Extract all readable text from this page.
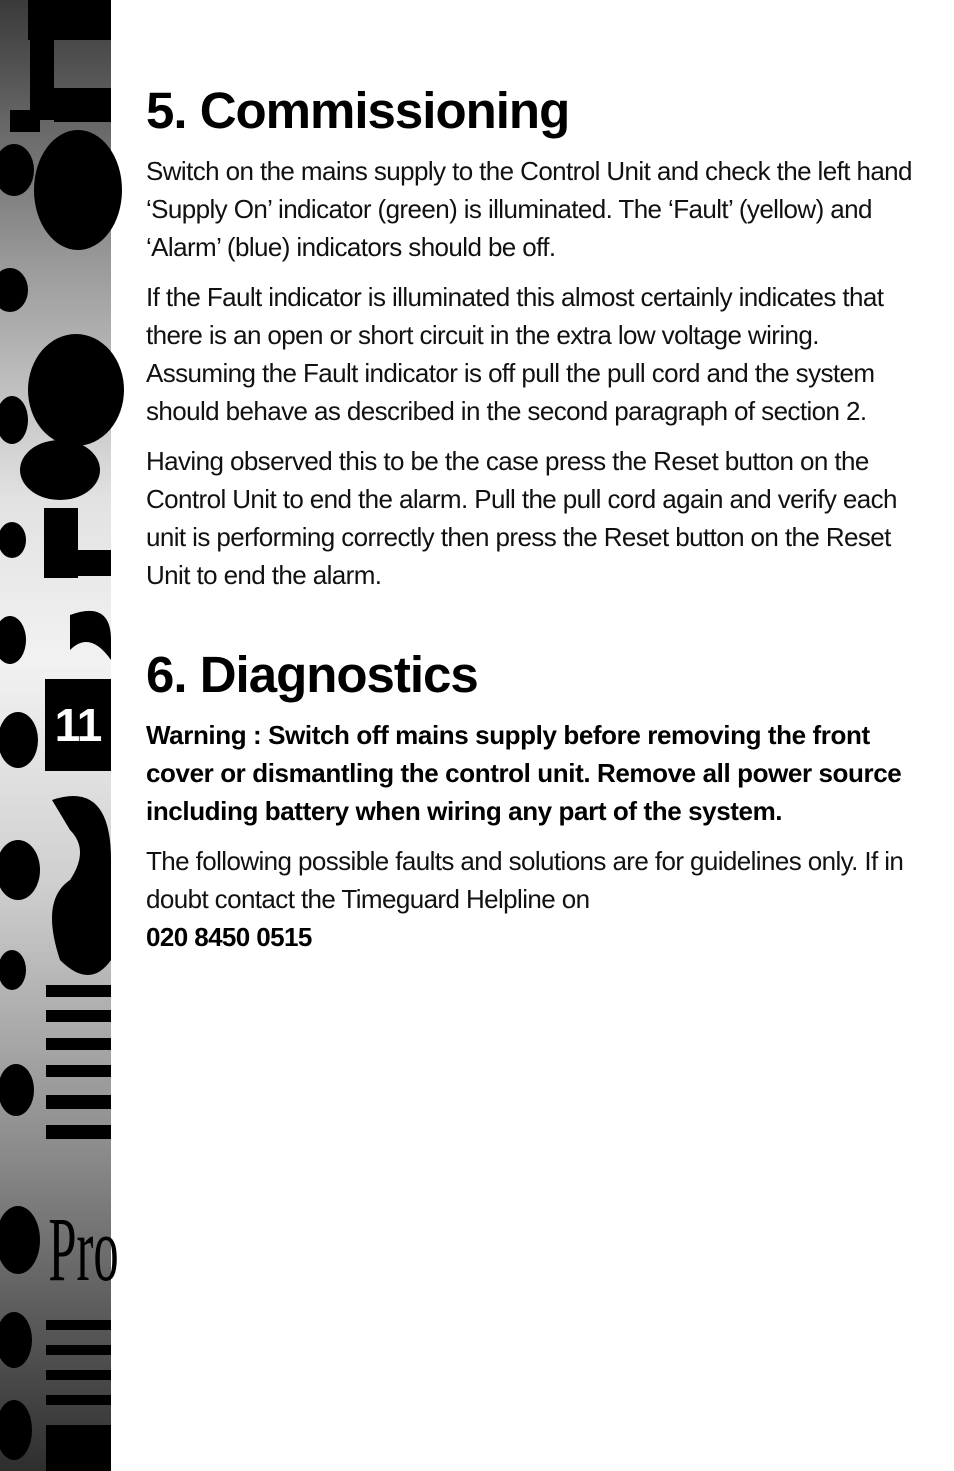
Pro
11
5. Commissioning

Switch on the mains supply to the Control Unit and check the left hand ‘Supply On’ indicator (green) is illuminated. The ‘Fault’ (yellow) and ‘Alarm’ (blue) indicators should be off.

If the Fault indicator is illuminated this almost certainly indicates that there is an open or short circuit in the extra low voltage wiring. Assuming the Fault indicator is off pull the pull cord and the system should behave as described in the second paragraph of section 2.

Having observed this to be the case press the Reset button on the Control Unit to end the alarm. Pull the pull cord again and verify each unit is performing correctly then press the Reset button on the Reset Unit to end the alarm.

6. Diagnostics

Warning : Switch off mains supply before removing the front cover or dismantling the control unit. Remove all power source including battery when wiring any part of the system.

The following possible faults and solutions are for guidelines only. If in doubt contact the Timeguard Helpline on

020 8450 0515
